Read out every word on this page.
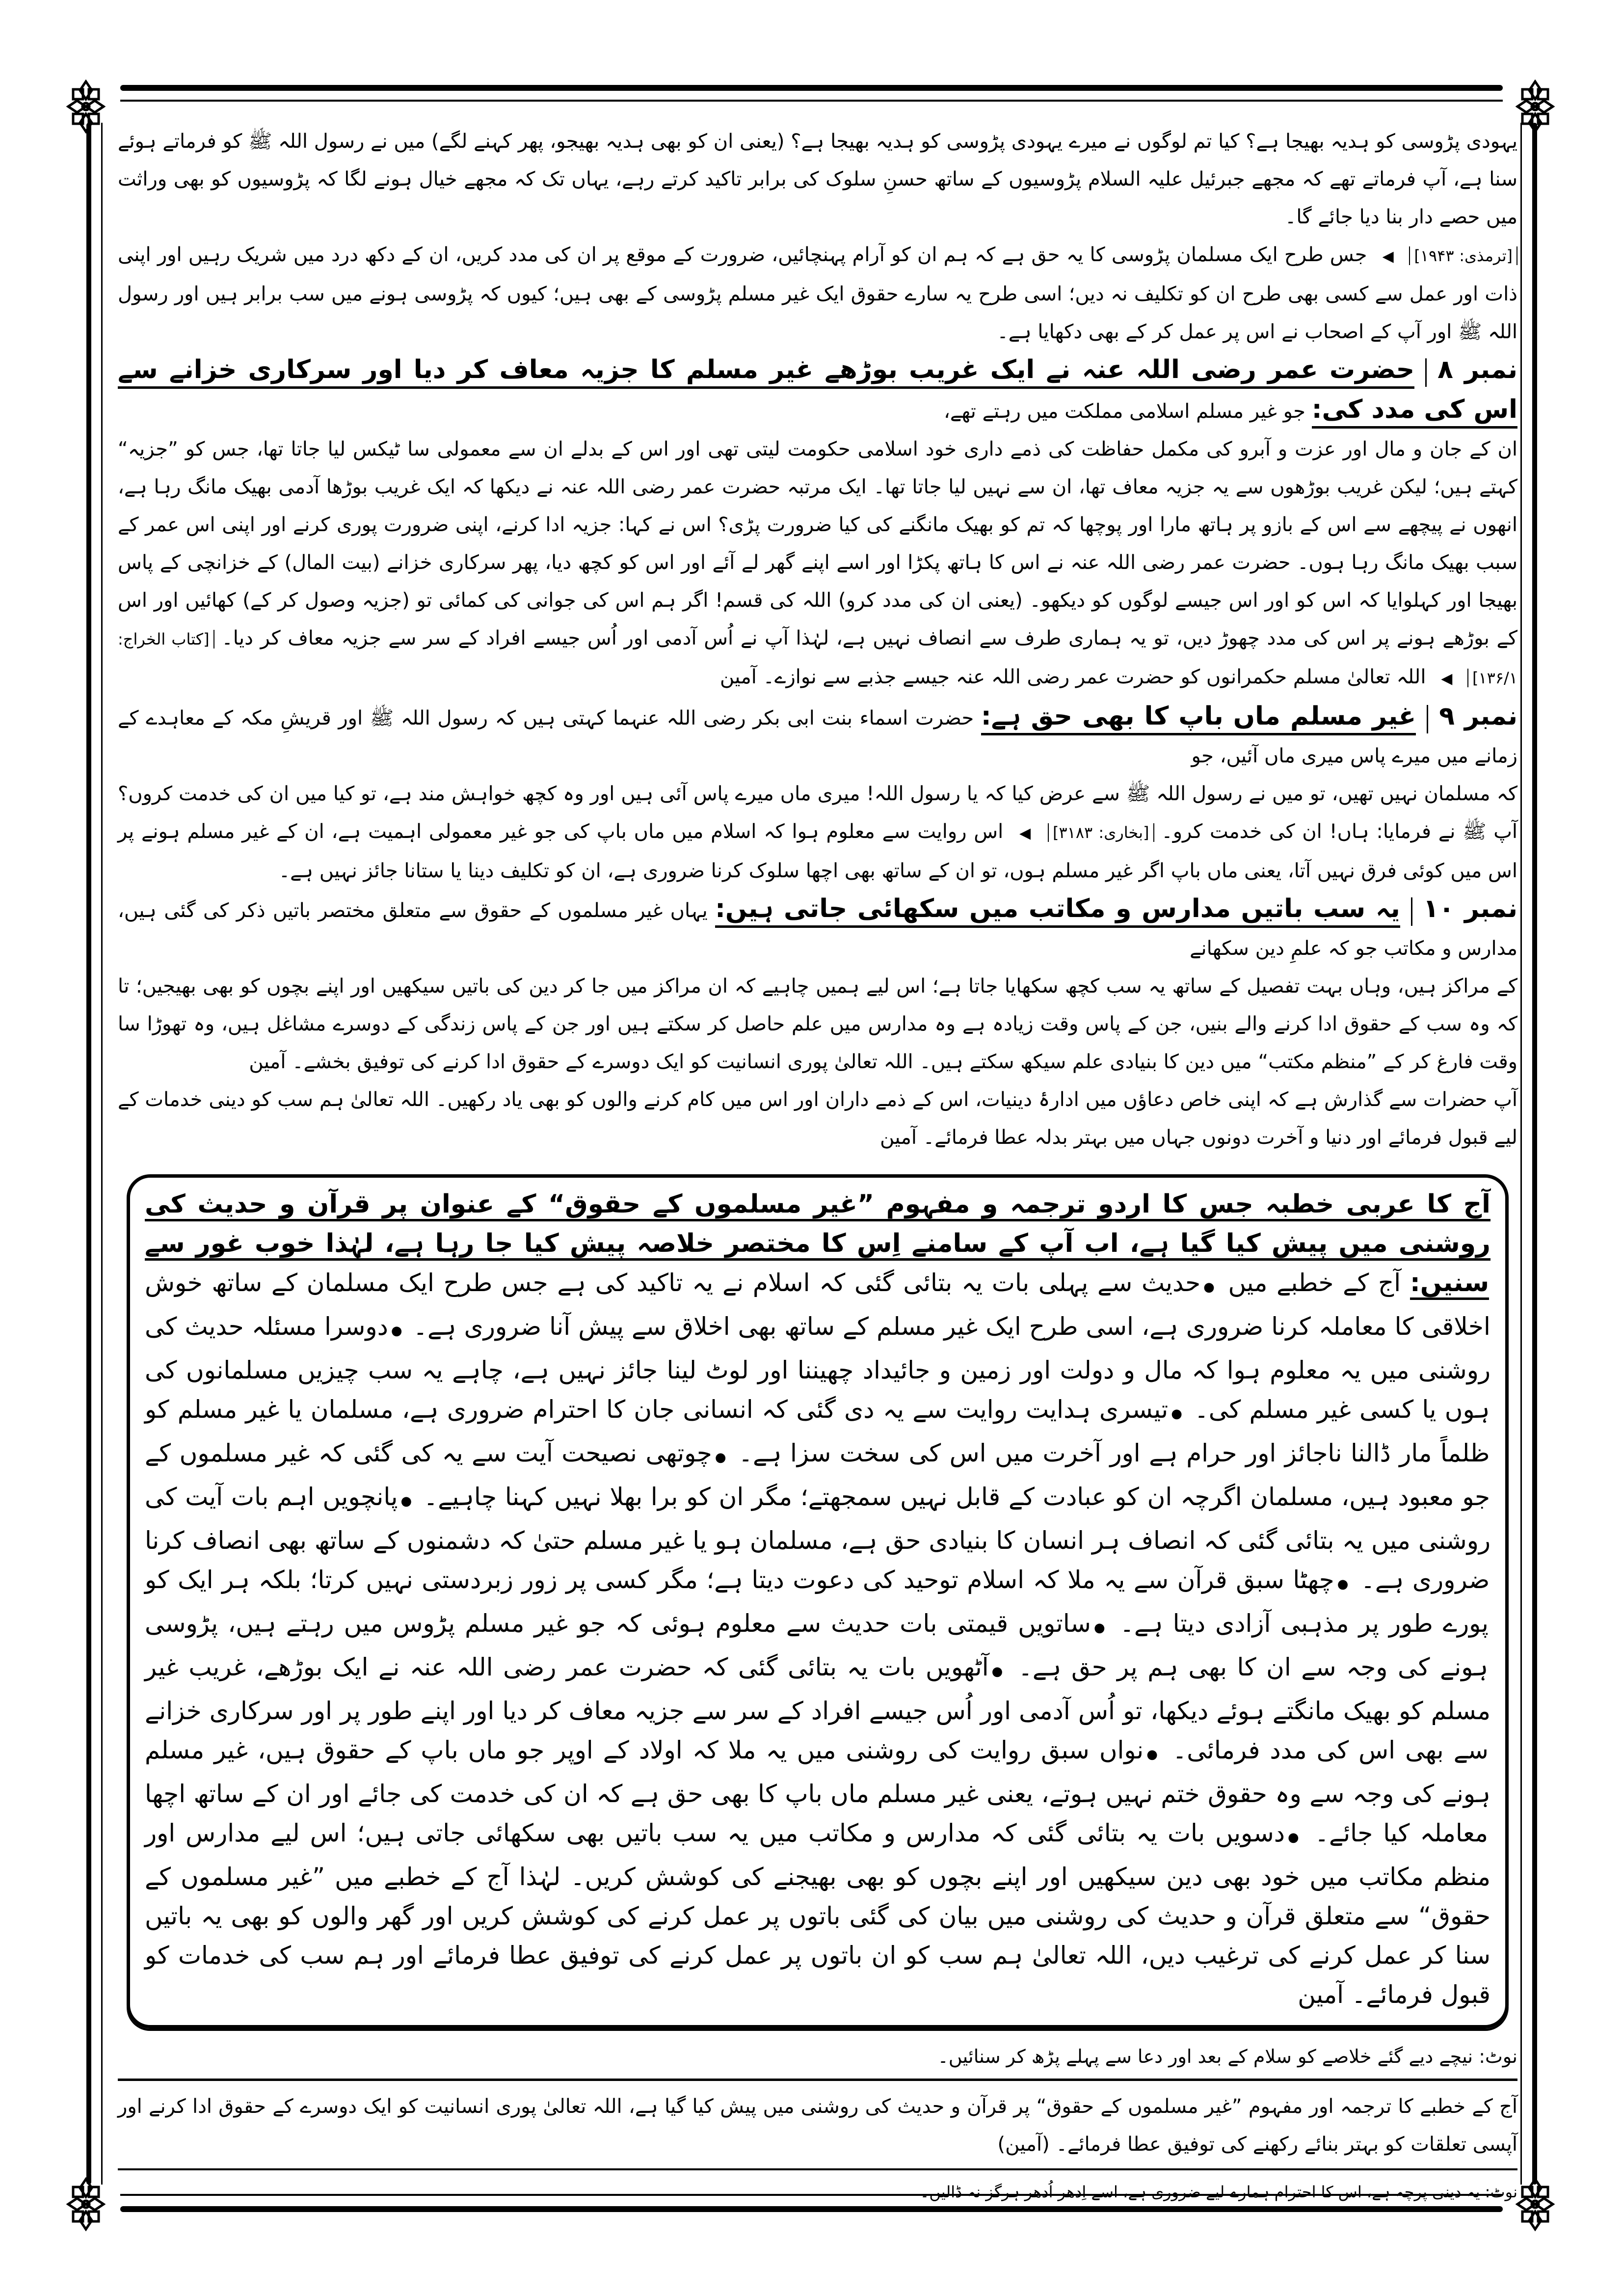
یہودی پڑوسی کو ہدیہ بھیجا ہے؟ کیا تم لوگوں نے میرے یہودی پڑوسی کو ہدیہ بھیجا ہے؟ (یعنی ان کو بھی ہدیہ بھیجو، پھر کہنے لگے) میں نے رسول اللہ ﷺ کو فرماتے ہوئے سنا ہے، آپ فرماتے تھے کہ مجھے جبرئیل علیہ السلام پڑوسیوں کے ساتھ حسنِ سلوک کی برابر تاکید کرتے رہے، یہاں تک کہ مجھے خیال ہونے لگا کہ پڑوسیوں کو بھی وراثت میں حصے دار بنا دیا جائے گا۔
[ترمذی: ۱۹۴۳] ◀ جس طرح ایک مسلمان پڑوسی کا یہ حق ہے کہ ہم ان کو آرام پہنچائیں، ضرورت کے موقع پر ان کی مدد کریں، ان کے دکھ درد میں شریک رہیں اور اپنی ذات اور عمل سے کسی بھی طرح ان کو تکلیف نہ دیں؛ اسی طرح یہ سارے حقوق ایک غیر مسلم پڑوسی کے بھی ہیں؛ کیوں کہ پڑوسی ہونے میں سب برابر ہیں اور رسول اللہ ﷺ اور آپ کے اصحاب نے اس پر عمل کر کے بھی دکھایا ہے۔

نمبر ۸حضرت عمر رضی اللہ عنہ نے ایک غریب بوڑھے غیر مسلم کا جزیہ معاف کر دیا اور سرکاری خزانے سے اس کی مدد کی: جو غیر مسلم اسلامی مملکت میں رہتے تھے،

ان کے جان و مال اور عزت و آبرو کی مکمل حفاظت کی ذمے داری خود اسلامی حکومت لیتی تھی اور اس کے بدلے ان سے معمولی سا ٹیکس لیا جاتا تھا، جس کو ”جزیہ“ کہتے ہیں؛ لیکن غریب بوڑھوں سے یہ جزیہ معاف تھا، ان سے نہیں لیا جاتا تھا۔ ایک مرتبہ حضرت عمر رضی اللہ عنہ نے دیکھا کہ ایک غریب بوڑھا آدمی بھیک مانگ رہا ہے، انھوں نے پیچھے سے اس کے بازو پر ہاتھ مارا اور پوچھا کہ تم کو بھیک مانگنے کی کیا ضرورت پڑی؟ اس نے کہا: جزیہ ادا کرنے، اپنی ضرورت پوری کرنے اور اپنی اس عمر کے سبب بھیک مانگ رہا ہوں۔ حضرت عمر رضی اللہ عنہ نے اس کا ہاتھ پکڑا اور اسے اپنے گھر لے آئے اور اس کو کچھ دیا، پھر سرکاری خزانے (بیت المال) کے خزانچی کے پاس بھیجا اور کہلوایا کہ اس کو اور اس جیسے لوگوں کو دیکھو۔ (یعنی ان کی مدد کرو) اللہ کی قسم! اگر ہم اس کی جوانی کی کمائی تو (جزیہ وصول کر کے) کھائیں اور اس کے بوڑھے ہونے پر اس کی مدد چھوڑ دیں، تو یہ ہماری طرف سے انصاف نہیں ہے، لہٰذا آپ نے اُس آدمی اور اُس جیسے افراد کے سر سے جزیہ معاف کر دیا۔ [کتاب الخراج: ۱۳۶/۱] ◀ اللہ تعالیٰ مسلم حکمرانوں کو حضرت عمر رضی اللہ عنہ جیسے جذبے سے نوازے۔ آمین

نمبر ۹غیر مسلم ماں باپ کا بھی حق ہے: حضرت اسماء بنت ابی بکر رضی اللہ عنہما کہتی ہیں کہ رسول اللہ ﷺ اور قریشِ مکہ کے معاہدے کے زمانے میں میرے پاس میری ماں آئیں، جو

کہ مسلمان نہیں تھیں، تو میں نے رسول اللہ ﷺ سے عرض کیا کہ یا رسول اللہ! میری ماں میرے پاس آئی ہیں اور وہ کچھ خواہش مند ہے، تو کیا میں ان کی خدمت کروں؟ آپ ﷺ نے فرمایا: ہاں! ان کی خدمت کرو۔ [بخاری: ۳۱۸۳] ◀ اس روایت سے معلوم ہوا کہ اسلام میں ماں باپ کی جو غیر معمولی اہمیت ہے، ان کے غیر مسلم ہونے پر اس میں کوئی فرق نہیں آتا، یعنی ماں باپ اگر غیر مسلم ہوں، تو ان کے ساتھ بھی اچھا سلوک کرنا ضروری ہے، ان کو تکلیف دینا یا ستانا جائز نہیں ہے۔

نمبر ۱۰یہ سب باتیں مدارس و مکاتب میں سکھائی جاتی ہیں: یہاں غیر مسلموں کے حقوق سے متعلق مختصر باتیں ذکر کی گئی ہیں، مدارس و مکاتب جو کہ علمِ دین سکھانے

کے مراکز ہیں، وہاں بہت تفصیل کے ساتھ یہ سب کچھ سکھایا جاتا ہے؛ اس لیے ہمیں چاہیے کہ ان مراکز میں جا کر دین کی باتیں سیکھیں اور اپنے بچوں کو بھی بھیجیں؛ تا کہ وہ سب کے حقوق ادا کرنے والے بنیں، جن کے پاس وقت زیادہ ہے وہ مدارس میں علم حاصل کر سکتے ہیں اور جن کے پاس زندگی کے دوسرے مشاغل ہیں، وہ تھوڑا سا وقت فارغ کر کے ”منظم مکتب“ میں دین کا بنیادی علم سیکھ سکتے ہیں۔ اللہ تعالیٰ پوری انسانیت کو ایک دوسرے کے حقوق ادا کرنے کی توفیق بخشے۔ آمین

آپ حضرات سے گذارش ہے کہ اپنی خاص دعاؤں میں ادارۂ دینیات، اس کے ذمے داران اور اس میں کام کرنے والوں کو بھی یاد رکھیں۔ اللہ تعالیٰ ہم سب کو دینی خدمات کے لیے قبول فرمائے اور دنیا و آخرت دونوں جہاں میں بہتر بدلہ عطا فرمائے۔ آمین

آج کا عربی خطبہ جس کا اردو ترجمہ و مفہوم ”غیر مسلموں کے حقوق“ کے عنوان پر قرآن و حدیث کی روشنی میں پیش کیا گیا ہے، اب آپ کے سامنے اِس کا مختصر خلاصہ پیش کیا جا رہا ہے، لہٰذا خوب غور سے سنیں: آج کے خطبے میں ●حدیث سے پہلی بات یہ بتائی گئی کہ اسلام نے یہ تاکید کی ہے جس طرح ایک مسلمان کے ساتھ خوش اخلاقی کا معاملہ کرنا ضروری ہے، اسی طرح ایک غیر مسلم کے ساتھ بھی اخلاق سے پیش آنا ضروری ہے۔ ●دوسرا مسئلہ حدیث کی روشنی میں یہ معلوم ہوا کہ مال و دولت اور زمین و جائیداد چھیننا اور لوٹ لینا جائز نہیں ہے، چاہے یہ سب چیزیں مسلمانوں کی ہوں یا کسی غیر مسلم کی۔ ●تیسری ہدایت روایت سے یہ دی گئی کہ انسانی جان کا احترام ضروری ہے، مسلمان یا غیر مسلم کو ظلماً مار ڈالنا ناجائز اور حرام ہے اور آخرت میں اس کی سخت سزا ہے۔ ●چوتھی نصیحت آیت سے یہ کی گئی کہ غیر مسلموں کے جو معبود ہیں، مسلمان اگرچہ ان کو عبادت کے قابل نہیں سمجھتے؛ مگر ان کو برا بھلا نہیں کہنا چاہیے۔ ●پانچویں اہم بات آیت کی روشنی میں یہ بتائی گئی کہ انصاف ہر انسان کا بنیادی حق ہے، مسلمان ہو یا غیر مسلم حتیٰ کہ دشمنوں کے ساتھ بھی انصاف کرنا ضروری ہے۔ ●چھٹا سبق قرآن سے یہ ملا کہ اسلام توحید کی دعوت دیتا ہے؛ مگر کسی پر زور زبردستی نہیں کرتا؛ بلکہ ہر ایک کو پورے طور پر مذہبی آزادی دیتا ہے۔ ●ساتویں قیمتی بات حدیث سے معلوم ہوئی کہ جو غیر مسلم پڑوس میں رہتے ہیں، پڑوسی ہونے کی وجہ سے ان کا بھی ہم پر حق ہے۔ ●آٹھویں بات یہ بتائی گئی کہ حضرت عمر رضی اللہ عنہ نے ایک بوڑھے، غریب غیر مسلم کو بھیک مانگتے ہوئے دیکھا، تو اُس آدمی اور اُس جیسے افراد کے سر سے جزیہ معاف کر دیا اور اپنے طور پر اور سرکاری خزانے سے بھی اس کی مدد فرمائی۔ ●نواں سبق روایت کی روشنی میں یہ ملا کہ اولاد کے اوپر جو ماں باپ کے حقوق ہیں، غیر مسلم ہونے کی وجہ سے وہ حقوق ختم نہیں ہوتے، یعنی غیر مسلم ماں باپ کا بھی حق ہے کہ ان کی خدمت کی جائے اور ان کے ساتھ اچھا معاملہ کیا جائے۔ ●دسویں بات یہ بتائی گئی کہ مدارس و مکاتب میں یہ سب باتیں بھی سکھائی جاتی ہیں؛ اس لیے مدارس اور منظم مکاتب میں خود بھی دین سیکھیں اور اپنے بچوں کو بھی بھیجنے کی کوشش کریں۔ لہٰذا آج کے خطبے میں ”غیر مسلموں کے حقوق“ سے متعلق قرآن و حدیث کی روشنی میں بیان کی گئی باتوں پر عمل کرنے کی کوشش کریں اور گھر والوں کو بھی یہ باتیں سنا کر عمل کرنے کی ترغیب دیں، اللہ تعالیٰ ہم سب کو ان باتوں پر عمل کرنے کی توفیق عطا فرمائے اور ہم سب کی خدمات کو قبول فرمائے۔ آمین

نوٹ: نیچے دیے گئے خلاصے کو سلام کے بعد اور دعا سے پہلے پڑھ کر سنائیں۔

آج کے خطبے کا ترجمہ اور مفہوم ”غیر مسلموں کے حقوق“ پر قرآن و حدیث کی روشنی میں پیش کیا گیا ہے، اللہ تعالیٰ پوری انسانیت کو ایک دوسرے کے حقوق ادا کرنے اور آپسی تعلقات کو بہتر بنائے رکھنے کی توفیق عطا فرمائے۔ (آمین)

نوٹ: یہ دینی پرچہ ہے، اس کا احترام ہمارے لیے ضروری ہے، اسے اِدھر اُدھر ہرگز نہ ڈالیں۔
